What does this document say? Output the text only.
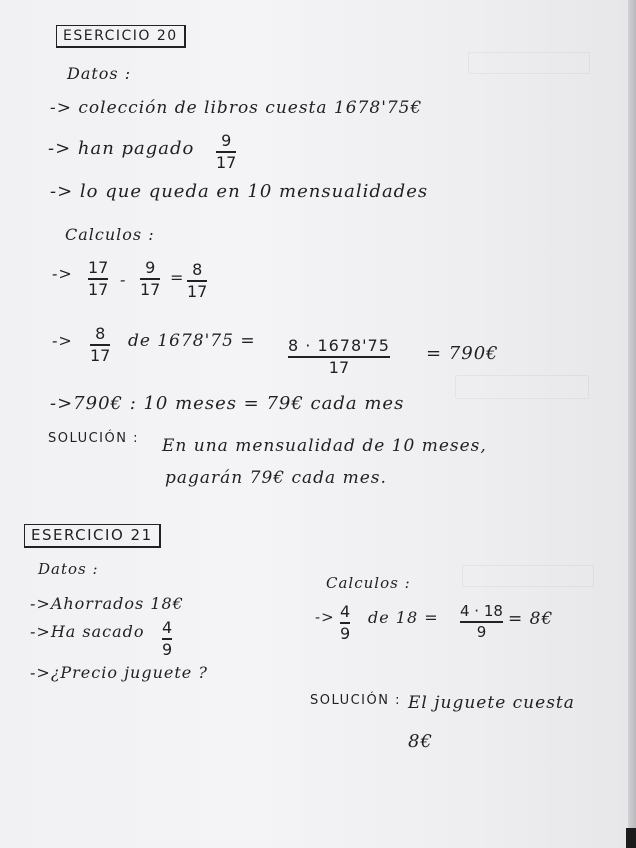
ESERCICIO 20
Datos :
-> colección de libros cuesta 1678'75€
-> han pagado 9
17
-> lo que queda en 10 mensualidades
Calculos :
-> 17
17 -
9
17
= 8
17
-> 8
17
de 1678'75 = 8 · 1678'75
17
= 790€
->790€ : 10 meses = 79€ cada mes
SOLUCIÓN : En una mensualidad de 10 meses,
pagarán 79€ cada mes.
ESERCICIO 21
Datos :
->Ahorrados 18€
->Ha sacado 4
9
->¿Precio juguete ?
Calculos :
-> 4
9
de 18 = 4 · 18
9
= 8€
SOLUCIÓN : El juguete cuesta
8€
